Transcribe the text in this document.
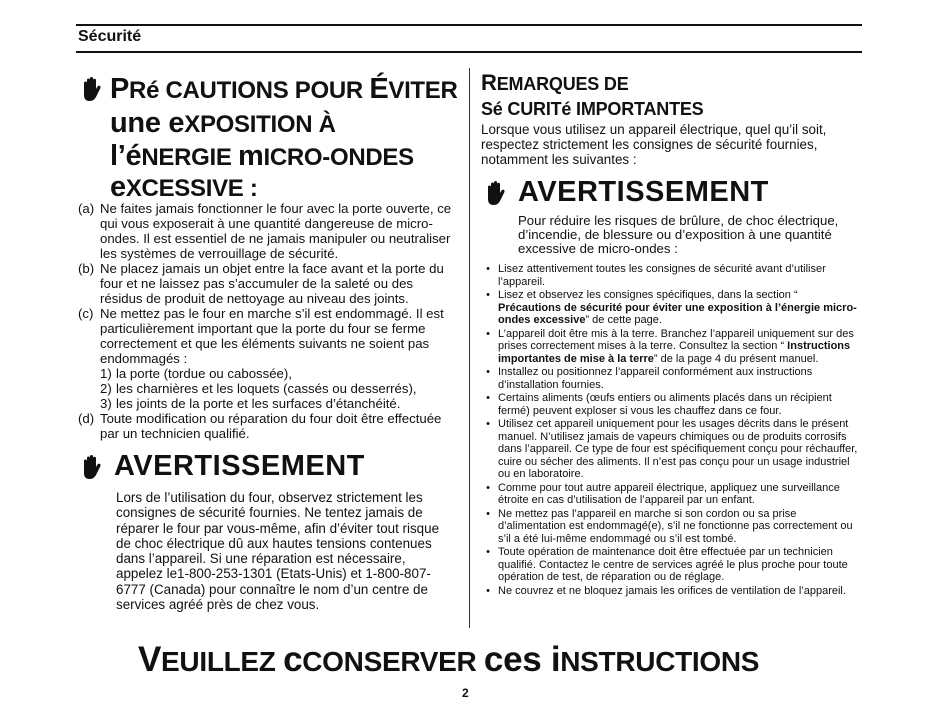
Sécurité
PRé CAUTIONS POUR ÉVITER
une eXPOSITION À
l’éNERGIE mICRO-ONDES
eXCESSIVE :
(a) Ne faites jamais fonctionner le four avec la porte ouverte, ce qui vous exposerait à une quantité dangereuse de micro-ondes. Il est essentiel de ne jamais manipuler ou neutraliser les systèmes de verrouillage de sécurité.
(b) Ne placez jamais un objet entre la face avant et la porte du four et ne laissez pas s’accumuler de la saleté ou des résidus de produit de nettoyage au niveau des joints.
(c) Ne mettez pas le four en marche s’il est endommagé. Il est particulièrement important que la porte du four se ferme correctement et que les éléments suivants ne soient pas endommagés :
1) la porte (tordue ou cabossée),
2) les charnières et les loquets (cassés ou desserrés),
3) les joints de la porte et les surfaces d’étanchéité.
(d) Toute modification ou réparation du four doit être effectuée par un technicien qualifié.
AVERTISSEMENT
Lors de l’utilisation du four, observez strictement les consignes de sécurité fournies. Ne tentez jamais de réparer le four par vous-même, afin d’éviter tout risque de choc électrique dû aux hautes tensions contenues dans l’appareil. Si une réparation est nécessaire, appelez le1-800-253-1301 (Etats-Unis) et 1-800-807-6777 (Canada) pour connaître le nom d’un centre de services agréé près de chez vous.
REMARQUES DE
Sé CURITé IMPORTANTES
Lorsque vous utilisez un appareil électrique, quel qu’il soit, respectez strictement les consignes de sécurité fournies, notamment les suivantes :
AVERTISSEMENT
Pour réduire les risques de brûlure, de choc électrique, d’incendie, de blessure ou d’exposition à une quantité excessive de micro-ondes :
• Lisez attentivement toutes les consignes de sécurité avant d’utiliser l’appareil.
• Lisez et observez les consignes spécifiques, dans la section “ Précautions de sécurité pour éviter une exposition à l’énergie micro-ondes excessive” de cette page.
• L’appareil doit être mis à la terre. Branchez l’appareil uniquement sur des prises correctement mises à la terre. Consultez la section “ Instructions importantes de mise à la terre” de la page 4 du présent manuel.
• Installez ou positionnez l’appareil conformément aux instructions d’installation fournies.
• Certains aliments (œufs entiers ou aliments placés dans un récipient fermé) peuvent exploser si vous les chauffez dans ce four.
• Utilisez cet appareil uniquement pour les usages décrits dans le présent manuel. N’utilisez jamais de vapeurs chimiques ou de produits corrosifs dans l’appareil. Ce type de four est spécifiquement conçu pour réchauffer, cuire ou sécher des aliments. Il n’est pas conçu pour un usage industriel ou en laboratoire.
• Comme pour tout autre appareil électrique, appliquez une surveillance étroite en cas d’utilisation de l’appareil par un enfant.
• Ne mettez pas l’appareil en marche si son cordon ou sa prise d’alimentation est endommagé(e), s’il ne fonctionne pas correctement ou s’il a été lui-même endommagé ou s’il est tombé.
• Toute opération de maintenance doit être effectuée par un technicien qualifié. Contactez le centre de services agréé le plus proche pour toute opération de test, de réparation ou de réglage.
• Ne couvrez et ne bloquez jamais les orifices de ventilation de l’appareil.
VEUILLEZ cCONSERVER ces iNSTRUCTIONS
2
